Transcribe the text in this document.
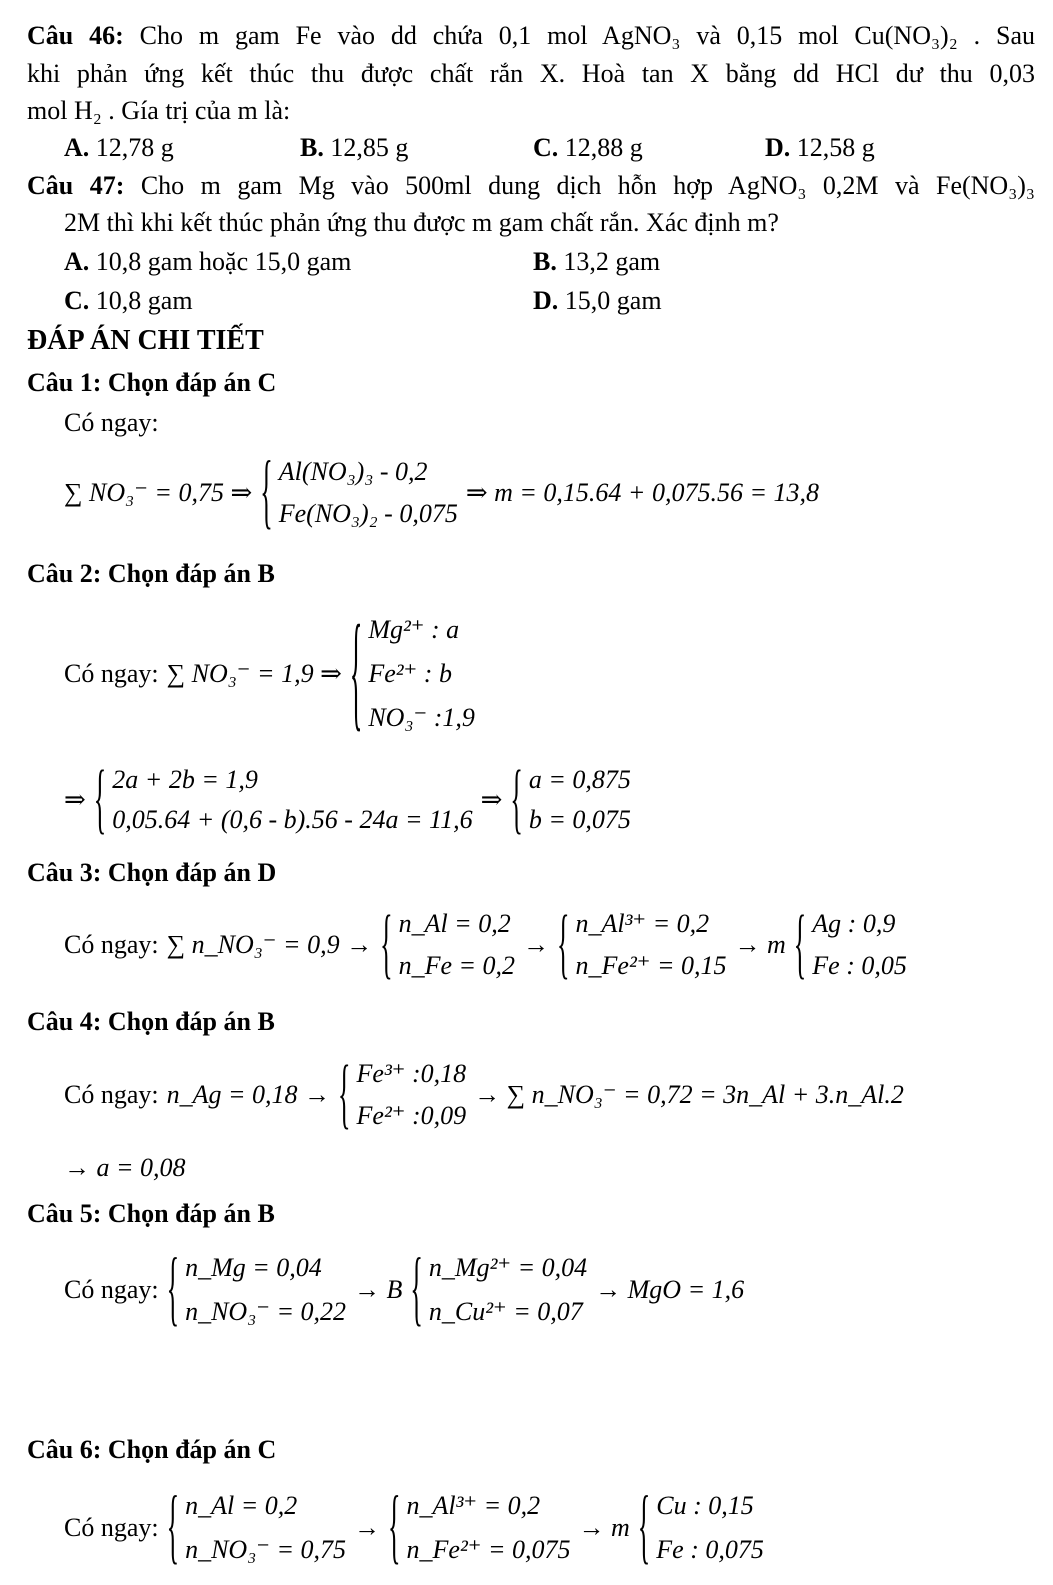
Câu 46: Cho m gam Fe vào dd chứa 0,1 mol AgNO₃ và 0,15 mol Cu(NO₃)₂ . Sau
khi phản ứng kết thúc thu được chất rắn X. Hoà tan X bằng dd HCl dư thu 0,03
mol H₂ . Gía trị của m là:
A. 12,78 g	B. 12,85 g	C. 12,88 g	D. 12,58 g
Câu 47: Cho m gam Mg vào 500ml dung dịch hỗn hợp AgNO₃ 0,2M và Fe(NO₃)₃
2M thì khi kết thúc phản ứng thu được m gam chất rắn. Xác định m?
A. 10,8 gam hoặc 15,0 gam	B. 13,2 gam
C. 10,8 gam	D. 15,0 gam
ĐÁP ÁN CHI TIẾT
Câu 1: Chọn đáp án C
Có ngay:
∑ NO₃⁻ = 0,75 ⇒ { Al(NO₃)₃ - 0,2
Fe(NO₃)₂ - 0,075
⇒ m = 0,15.64 + 0,075.56 = 13,8
Câu 2: Chọn đáp án B
Có ngay: ∑ NO₃⁻ = 1,9 ⇒ { Mg²⁺ : a
Fe²⁺ : b
NO₃⁻ :1,9
⇒ { 2a + 2b = 1,9
0,05.64 + (0,6 - b).56 - 24a = 11,6
⇒ { a = 0,875
b = 0,075
Câu 3: Chọn đáp án D
Có ngay: ∑ n_NO₃⁻ = 0,9 → { n_Al = 0,2
n_Fe = 0,2
→ { n_Al³⁺ = 0,2
n_Fe²⁺ = 0,15
→ m { Ag : 0,9
Fe : 0,05
Câu 4: Chọn đáp án B
Có ngay: n_Ag = 0,18 → { Fe³⁺ :0,18
Fe²⁺ :0,09
→ ∑ n_NO₃⁻ = 0,72 = 3n_Al + 3.n_Al.2
→ a = 0,08
Câu 5: Chọn đáp án B
Có ngay: { n_Mg = 0,04
n_NO₃⁻ = 0,22
→ B { n_Mg²⁺ = 0,04
n_Cu²⁺ = 0,07
→ MgO = 1,6
Câu 6: Chọn đáp án C
Có ngay: { n_Al = 0,2
n_NO₃⁻ = 0,75
→ { n_Al³⁺ = 0,2
n_Fe²⁺ = 0,075
→ m { Cu : 0,15
Fe : 0,075
